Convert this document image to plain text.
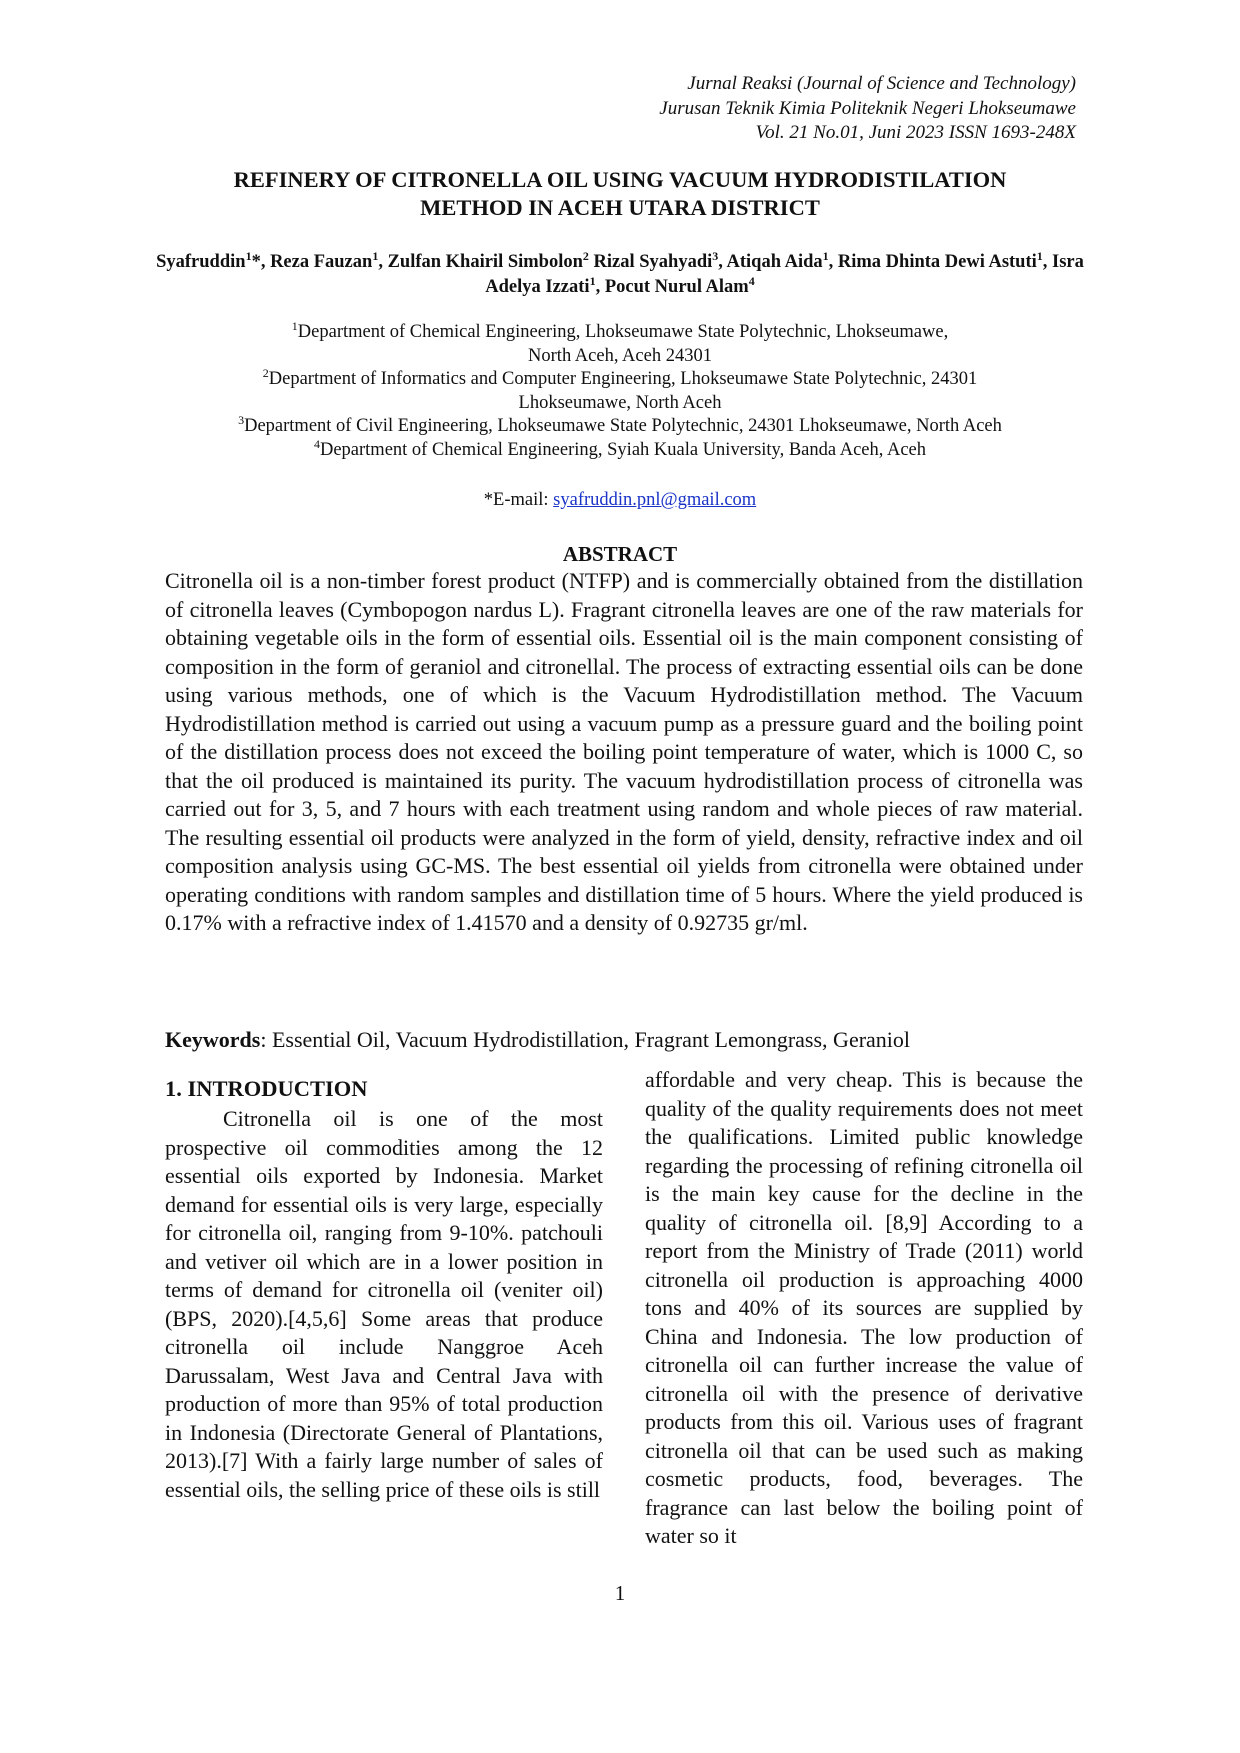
Jurnal Reaksi (Journal of Science and Technology)
Jurusan Teknik Kimia Politeknik Negeri Lhokseumawe
Vol. 21 No.01, Juni 2023 ISSN 1693-248X
REFINERY OF CITRONELLA OIL USING VACUUM HYDRODISTILATION
METHOD IN ACEH UTARA DISTRICT

Syafruddin$^1$*, Reza Fauzan$^1$, Zulfan Khairil Simbolon$^2$ Rizal Syahyadi$^3$, Atiqah Aida$^1$, Rima Dhinta Dewi Astuti$^1$, Isra Adelya Izzati$^1$, Pocut Nurul Alam$^4$

$^1$Department of Chemical Engineering, Lhokseumawe State Polytechnic, Lhokseumawe,
North Aceh, Aceh 24301

$^2$Department of Informatics and Computer Engineering, Lhokseumawe State Polytechnic, 24301
Lhokseumawe, North Aceh

$^3$Department of Civil Engineering, Lhokseumawe State Polytechnic, 24301 Lhokseumawe, North Aceh

$^4$Department of Chemical Engineering, Syiah Kuala University, Banda Aceh, Aceh

*E-mail: syafruddin.pnl@gmail.com
ABSTRACT

Citronella oil is a non-timber forest product (NTFP) and is commercially obtained from the distillation of citronella leaves (Cymbopogon nardus L). Fragrant citronella leaves are one of the raw materials for obtaining vegetable oils in the form of essential oils. Essential oil is the main component consisting of composition in the form of geraniol and citronellal. The process of extracting essential oils can be done using various methods, one of which is the Vacuum Hydrodistillation method. The Vacuum Hydrodistillation method is carried out using a vacuum pump as a pressure guard and the boiling point of the distillation process does not exceed the boiling point temperature of water, which is 1000 C, so that the oil produced is maintained its purity. The vacuum hydrodistillation process of citronella was carried out for 3, 5, and 7 hours with each treatment using random and whole pieces of raw material. The resulting essential oil products were analyzed in the form of yield, density, refractive index and oil composition analysis using GC-MS. The best essential oil yields from citronella were obtained under operating conditions with random samples and distillation time of 5 hours. Where the yield produced is 0.17% with a refractive index of 1.41570 and a density of 0.92735 gr/ml.

Keywords: Essential Oil, Vacuum Hydrodistillation, Fragrant Lemongrass, Geraniol

1. INTRODUCTION

Citronella oil is one of the most prospective oil commodities among the 12 essential oils exported by Indonesia. Market demand for essential oils is very large, especially for citronella oil, ranging from 9-10%. patchouli and vetiver oil which are in a lower position in terms of demand for citronella oil (veniter oil) (BPS, 2020).[4,5,6] Some areas that produce citronella oil include Nanggroe Aceh Darussalam, West Java and Central Java with production of more than 95% of total production in Indonesia (Directorate General of Plantations, 2013).[7] With a fairly large number of sales of essential oils, the selling price of these oils is still

affordable and very cheap. This is because the quality of the quality requirements does not meet the qualifications. Limited public knowledge regarding the processing of refining citronella oil is the main key cause for the decline in the quality of citronella oil. [8,9] According to a report from the Ministry of Trade (2011) world citronella oil production is approaching 4000 tons and 40% of its sources are supplied by China and Indonesia. The low production of citronella oil can further increase the value of citronella oil with the presence of derivative products from this oil. Various uses of fragrant citronella oil that can be used such as making cosmetic products, food, beverages. The fragrance can last below the boiling point of water so it

1
